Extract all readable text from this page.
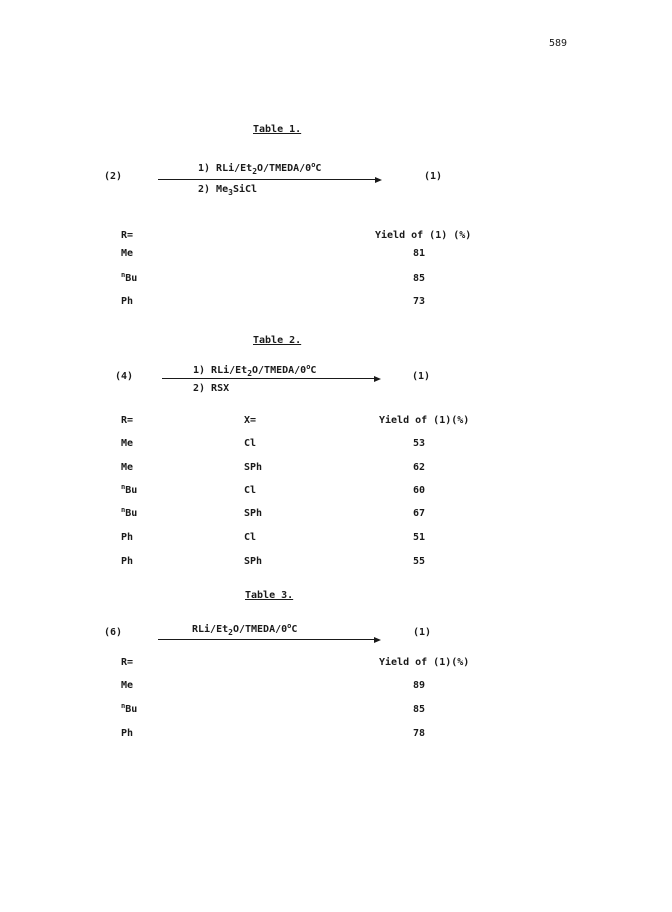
589
Table 1.
(2)
1) RLi/$Et_2O/TMEDA/0^oC$
2) $Me_3SiCl$
(1)
R=	Yield of (1) (%)
Me	81
$^n$Bu	85
Ph	73
Table 2.
(4)
1) RLi/$Et_2O/TMEDA/0^oC$
2) RSX
(1)
R=	X=	Yield of (1)(%)
Me	Cl	53
Me	SPh	62
$^n$Bu	Cl	60
$^n$Bu	SPh	67
Ph	Cl	51
Ph	SPh	55
Table 3.
(6)	RLi/$Et_2O/TMEDA/0^oC$	(1)
R=	Yield of (1)(%)
Me	89
$^n$Bu	85
Ph	78
